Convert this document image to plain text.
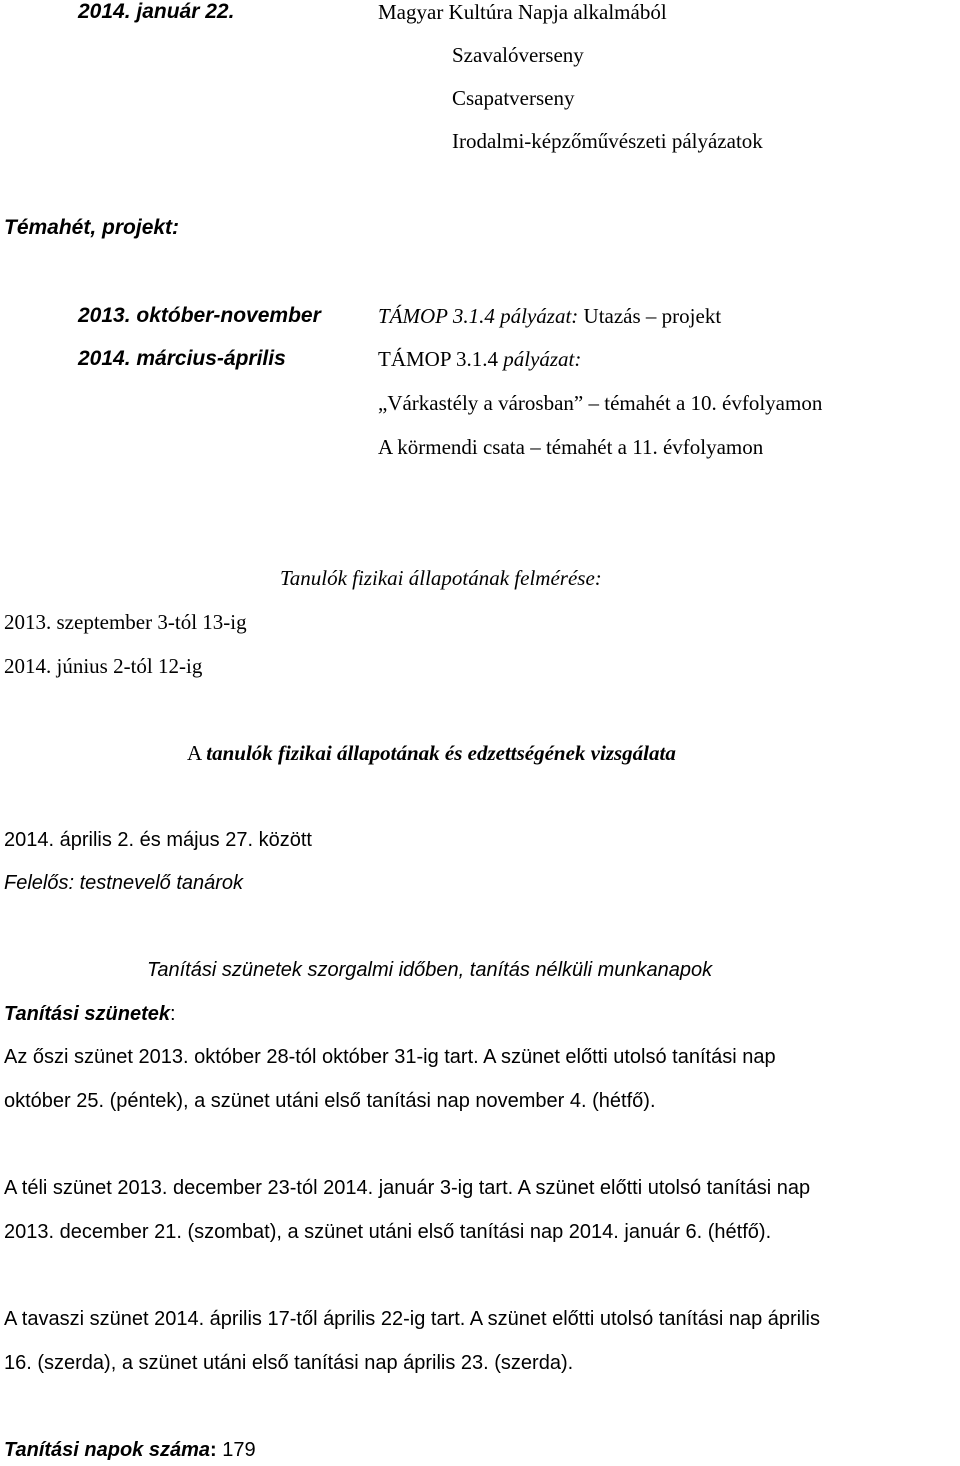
2014. január 22.	Magyar Kultúra Napja alkalmából
Szavalóverseny
Csapatverseny
Irodalmi-képzőművészeti pályázatok
Témahét, projekt:
2013. október-november	TÁMOP 3.1.4 pályázat: Utazás – projekt
2014. március-április	TÁMOP 3.1.4 pályázat:
„Várkastély a városban” – témahét a 10. évfolyamon
A körmendi csata – témahét a 11. évfolyamon
Tanulók fizikai állapotának felmérése:
2013. szeptember 3-tól 13-ig
2014. június 2-tól 12-ig
A tanulók fizikai állapotának és edzettségének vizsgálata
2014. április 2. és május 27. között
Felelős: testnevelő tanárok
Tanítási szünetek szorgalmi időben, tanítás nélküli munkanapok
Tanítási szünetek:
Az őszi szünet 2013. október 28-tól október 31-ig tart. A szünet előtti utolsó tanítási nap
október 25. (péntek), a szünet utáni első tanítási nap november 4. (hétfő).
A téli szünet 2013. december 23-tól 2014. január 3-ig tart. A szünet előtti utolsó tanítási nap
2013. december 21. (szombat), a szünet utáni első tanítási nap 2014. január 6. (hétfő).
A tavaszi szünet 2014. április 17-től április 22-ig tart. A szünet előtti utolsó tanítási nap április
16. (szerda), a szünet utáni első tanítási nap április 23. (szerda).
Tanítási napok száma: 179
